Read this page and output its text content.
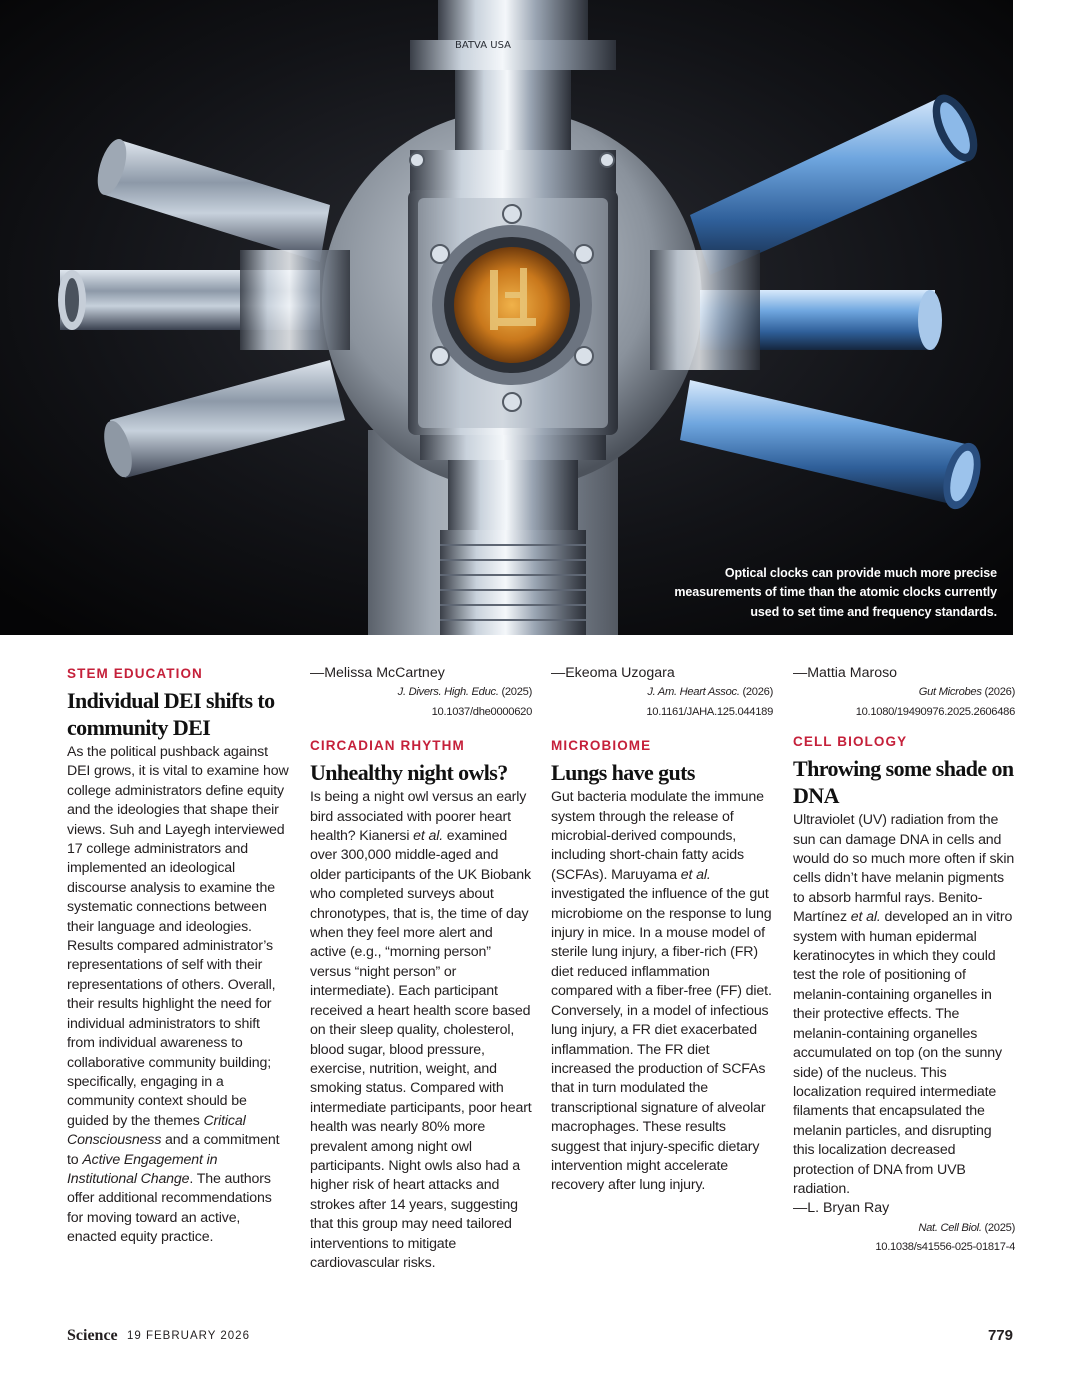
BATVA USA
Optical clocks can provide much more precise measurements of time than the atomic clocks currently used to set time and frequency standards.
STEM EDUCATION
Individual DEI shifts to community DEI

As the political pushback against DEI grows, it is vital to examine how college administrators define equity and the ideologies that shape their views. Suh and Layegh interviewed 17 college administrators and implemented an ideological discourse analysis to examine the systematic connections between their language and ideologies. Results compared administrator’s representations of self with their representations of others. Overall, their results highlight the need for individual administrators to shift from individual awareness to collaborative community building; specifically, engaging in a community context should be guided by the themes Critical Consciousness and a commitment to Active Engagement in Institutional Change. The authors offer additional recommendations for moving toward an active, enacted equity practice.

—Melissa McCartney
J. Divers. High. Educ. (2025)
10.1037/dhe0000620
CIRCADIAN RHYTHM
Unhealthy night owls?

Is being a night owl versus an early bird associated with poorer heart health? Kianersi et al. examined over 300,000 middle-aged and older participants of the UK Biobank who completed surveys about chronotypes, that is, the time of day when they feel more alert and active (e.g., “morning person” versus “night person” or intermediate). Each participant received a heart health score based on their sleep quality, cholesterol, blood sugar, blood pressure, exercise, nutrition, weight, and smoking status. Compared with intermediate participants, poor heart health was nearly 80% more prevalent among night owl participants. Night owls also had a higher risk of heart attacks and strokes after 14 years, suggesting that this group may need tailored interventions to mitigate cardiovascular risks.

—Ekeoma Uzogara
J. Am. Heart Assoc. (2026)
10.1161/JAHA.125.044189
MICROBIOME
Lungs have guts

Gut bacteria modulate the immune system through the release of microbial-derived compounds, including short-chain fatty acids (SCFAs). Maruyama et al. investigated the influence of the gut microbiome on the response to lung injury in mice. In a mouse model of sterile lung injury, a fiber-rich (FR) diet reduced inflammation compared with a fiber-free (FF) diet. Conversely, in a model of infectious lung injury, a FR diet exacerbated inflammation. The FR diet increased the production of SCFAs that in turn modulated the transcriptional signature of alveolar macrophages. These results suggest that injury-specific dietary intervention might accelerate recovery after lung injury.

—Mattia Maroso
Gut Microbes (2026)
10.1080/19490976.2025.2606486
CELL BIOLOGY
Throwing some shade on DNA

Ultraviolet (UV) radiation from the sun can damage DNA in cells and would do so much more often if skin cells didn’t have melanin pigments to absorb harmful rays. Benito-Martínez et al. developed an in vitro system with human epidermal keratinocytes in which they could test the role of positioning of melanin-containing organelles in their protective effects. The melanin-containing organelles accumulated on top (on the sunny side) of the nucleus. This localization required intermediate filaments that encapsulated the melanin particles, and disrupting this localization decreased protection of DNA from UVB radiation.

—L. Bryan Ray
Nat. Cell Biol. (2025)
10.1038/s41556-025-01817-4
Science 19 FEBRUARY 2026	779
